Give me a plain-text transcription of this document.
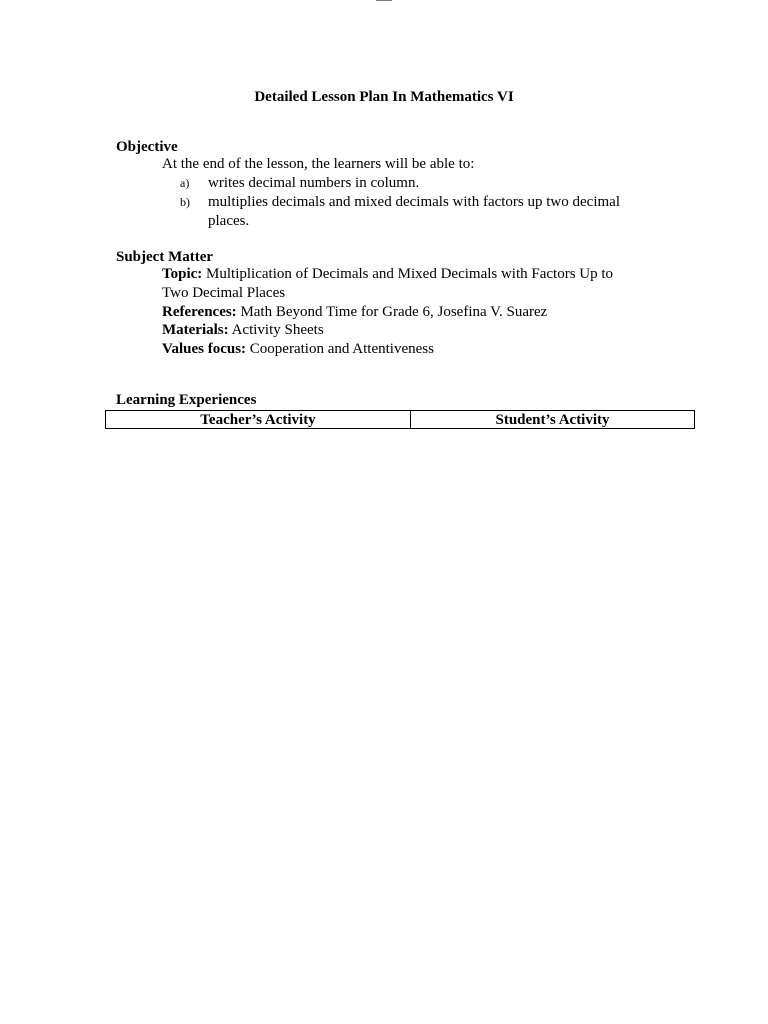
Detailed Lesson Plan In Mathematics VI
Objective
At the end of the lesson, the learners will be able to:
a) writes decimal numbers in column.
b) multiplies decimals and mixed decimals with factors up two decimal places.
Subject Matter
Topic: Multiplication of Decimals and Mixed Decimals with Factors Up to Two Decimal Places
References: Math Beyond Time for Grade 6, Josefina V. Suarez
Materials: Activity Sheets
Values focus: Cooperation and Attentiveness
Learning Experiences
Teacher’s Activity	Student’s Activity
